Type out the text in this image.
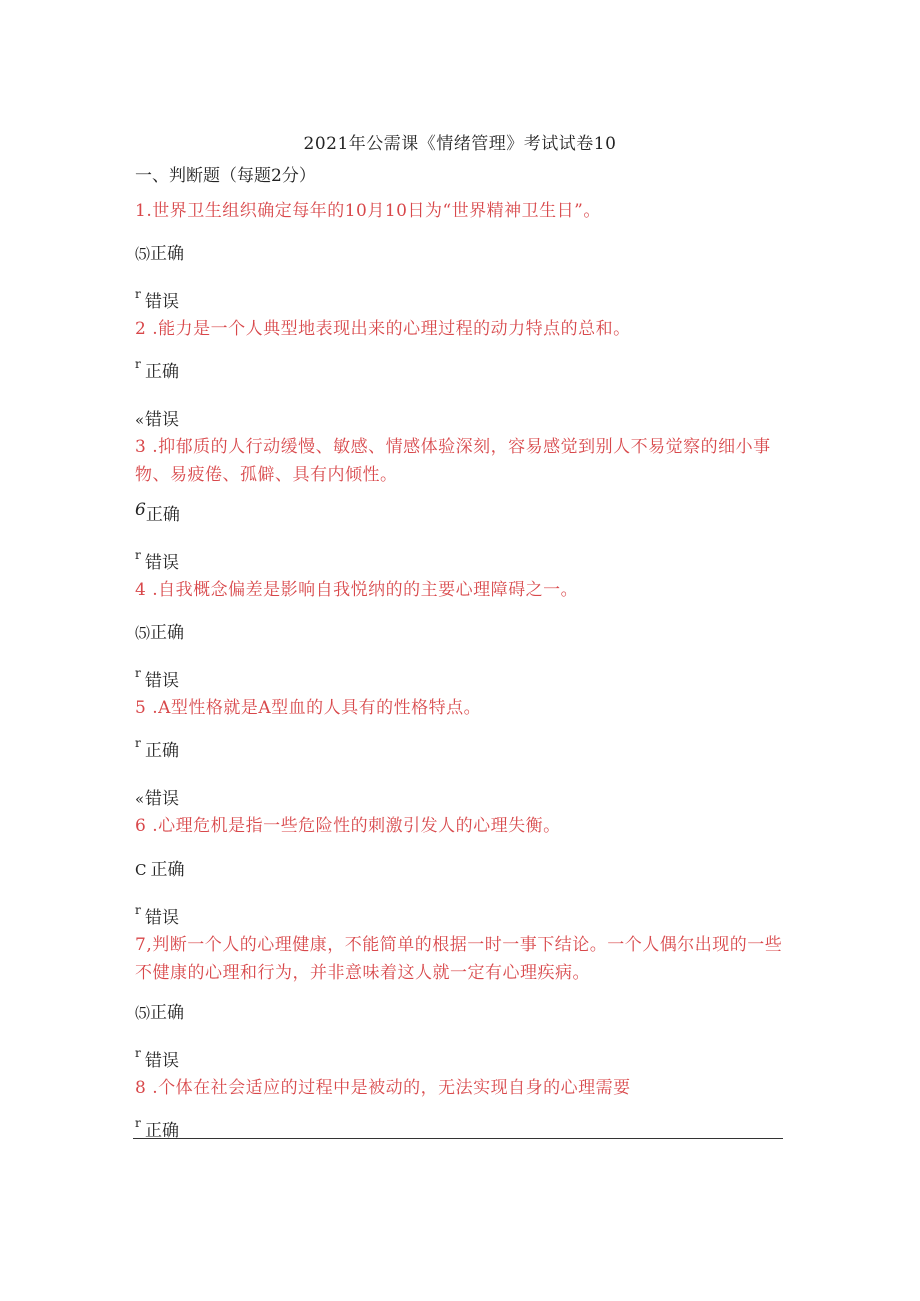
2021年公需课《情绪管理》考试试卷10
一、判断题（每题2分）
1.世界卫生组织确定每年的10月10日为“世界精神卫生日”。
⑸正确
r 错误
2 .能力是一个人典型地表现出来的心理过程的动力特点的总和。
r 正确
«错误
3 .抑郁质的人行动缓慢、敏感、情感体验深刻，容易感觉到别人不易觉察的细小事物、易疲倦、孤僻、具有内倾性。
6正确
r 错误
4 .自我概念偏差是影响自我悦纳的的主要心理障碍之一。
⑸正确
r 错误
5 .A型性格就是A型血的人具有的性格特点。
r 正确
«错误
6 .心理危机是指一些危险性的刺激引发人的心理失衡。
C 正确
r 错误
7,判断一个人的心理健康，不能简单的根据一时一事下结论。一个人偶尔出现的一些不健康的心理和行为，并非意味着这人就一定有心理疾病。
⑸正确
r 错误
8 .个体在社会适应的过程中是被动的，无法实现自身的心理需要
r 正确
